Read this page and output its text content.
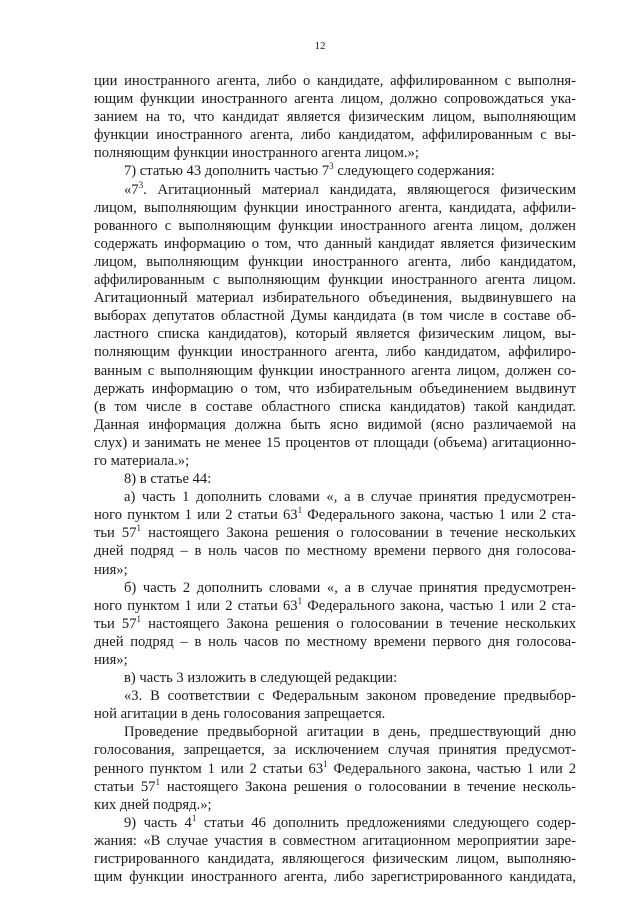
12

ции иностранного агента, либо о кандидате, аффилированном с выполня-

ющим функции иностранного агента лицом, должно сопровождаться ука-

занием на то, что кандидат является физическим лицом, выполняющим

функции иностранного агента, либо кандидатом, аффилированным с вы-

полняющим функции иностранного агента лицом.»;

7) статью 43 дополнить частью $7^3$ следующего содержания:

«$7^3$. Агитационный материал кандидата, являющегося физическим

лицом, выполняющим функции иностранного агента, кандидата, аффили-

рованного с выполняющим функции иностранного агента лицом, должен

содержать информацию о том, что данный кандидат является физическим

лицом, выполняющим функции иностранного агента, либо кандидатом,

аффилированным с выполняющим функции иностранного агента лицом.

Агитационный материал избирательного объединения, выдвинувшего на

выборах депутатов областной Думы кандидата (в том числе в составе об-

ластного списка кандидатов), который является физическим лицом, вы-

полняющим функции иностранного агента, либо кандидатом, аффилиро-

ванным с выполняющим функции иностранного агента лицом, должен со-

держать информацию о том, что избирательным объединением выдвинут

(в том числе в составе областного списка кандидатов) такой кандидат.

Данная информация должна быть ясно видимой (ясно различаемой на

слух) и занимать не менее 15 процентов от площади (объема) агитационно-

го материала.»;

8) в статье 44:

а) часть 1 дополнить словами «, а в случае принятия предусмотрен-

ного пунктом 1 или 2 статьи $63^1$ Федерального закона, частью 1 или 2 ста-

тьи $57^1$ настоящего Закона решения о голосовании в течение нескольких

дней подряд – в ноль часов по местному времени первого дня голосова-

ния»;

б) часть 2 дополнить словами «, а в случае принятия предусмотрен-

ного пунктом 1 или 2 статьи $63^1$ Федерального закона, частью 1 или 2 ста-

тьи $57^1$ настоящего Закона решения о голосовании в течение нескольких

дней подряд – в ноль часов по местному времени первого дня голосова-

ния»;

в) часть 3 изложить в следующей редакции:

«3. В соответствии с Федеральным законом проведение предвыбор-

ной агитации в день голосования запрещается.

Проведение предвыборной агитации в день, предшествующий дню

голосования, запрещается, за исключением случая принятия предусмот-

ренного пунктом 1 или 2 статьи $63^1$ Федерального закона, частью 1 или 2

статьи $57^1$ настоящего Закона решения о голосовании в течение несколь-

ких дней подряд.»;

9) часть $4^1$ статьи 46 дополнить предложениями следующего содер-

жания: «В случае участия в совместном агитационном мероприятии заре-

гистрированного кандидата, являющегося физическим лицом, выполняю-

щим функции иностранного агента, либо зарегистрированного кандидата,
